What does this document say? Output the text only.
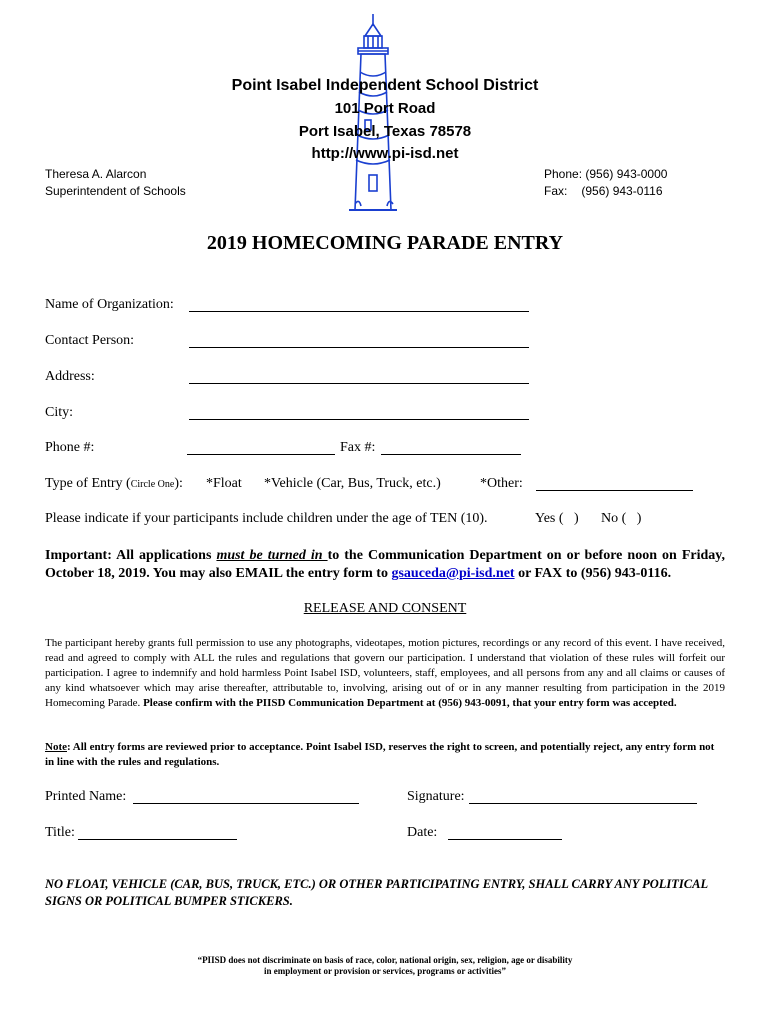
Point Isabel Independent School District
101 Port Road
Port Isabel, Texas 78578
http://www.pi-isd.net
Theresa A. Alarcon
Superintendent of Schools
Phone: (956) 943-0000
Fax: (956) 943-0116
2019 HOMECOMING PARADE ENTRY
Name of Organization:
Contact Person:
Address:
City:
Phone #:	Fax #:
Type of Entry (Circle One): *Float *Vehicle (Car, Bus, Truck, etc.)	*Other:
Please indicate if your participants include children under the age of TEN (10).	Yes (   ) No (   )
Important: All applications must be turned in to the Communication Department on or before noon on Friday, October 18, 2019. You may also EMAIL the entry form to gsauceda@pi-isd.net or FAX to (956) 943-0116.
RELEASE AND CONSENT
The participant hereby grants full permission to use any photographs, videotapes, motion pictures, recordings or any record of this event. I have received, read and agreed to comply with ALL the rules and regulations that govern our participation. I understand that violation of these rules will forfeit our participation. I agree to indemnify and hold harmless Point Isabel ISD, volunteers, staff, employees, and all persons from any and all claims or causes of any kind whatsoever which may arise thereafter, attributable to, involving, arising out of or in any manner resulting from participation in the 2019 Homecoming Parade. Please confirm with the PIISD Communication Department at (956) 943-0091, that your entry form was accepted.
Note: All entry forms are reviewed prior to acceptance. Point Isabel ISD, reserves the right to screen, and potentially reject, any entry form not in line with the rules and regulations.
Printed Name:	Signature:
Title:	Date:
NO FLOAT, VEHICLE (CAR, BUS, TRUCK, ETC.) OR OTHER PARTICIPATING ENTRY, SHALL CARRY ANY POLITICAL SIGNS OR POLITICAL BUMPER STICKERS.
“PIISD does not discriminate on basis of race, color, national origin, sex, religion, age or disability
in employment or provision or services, programs or activities”
